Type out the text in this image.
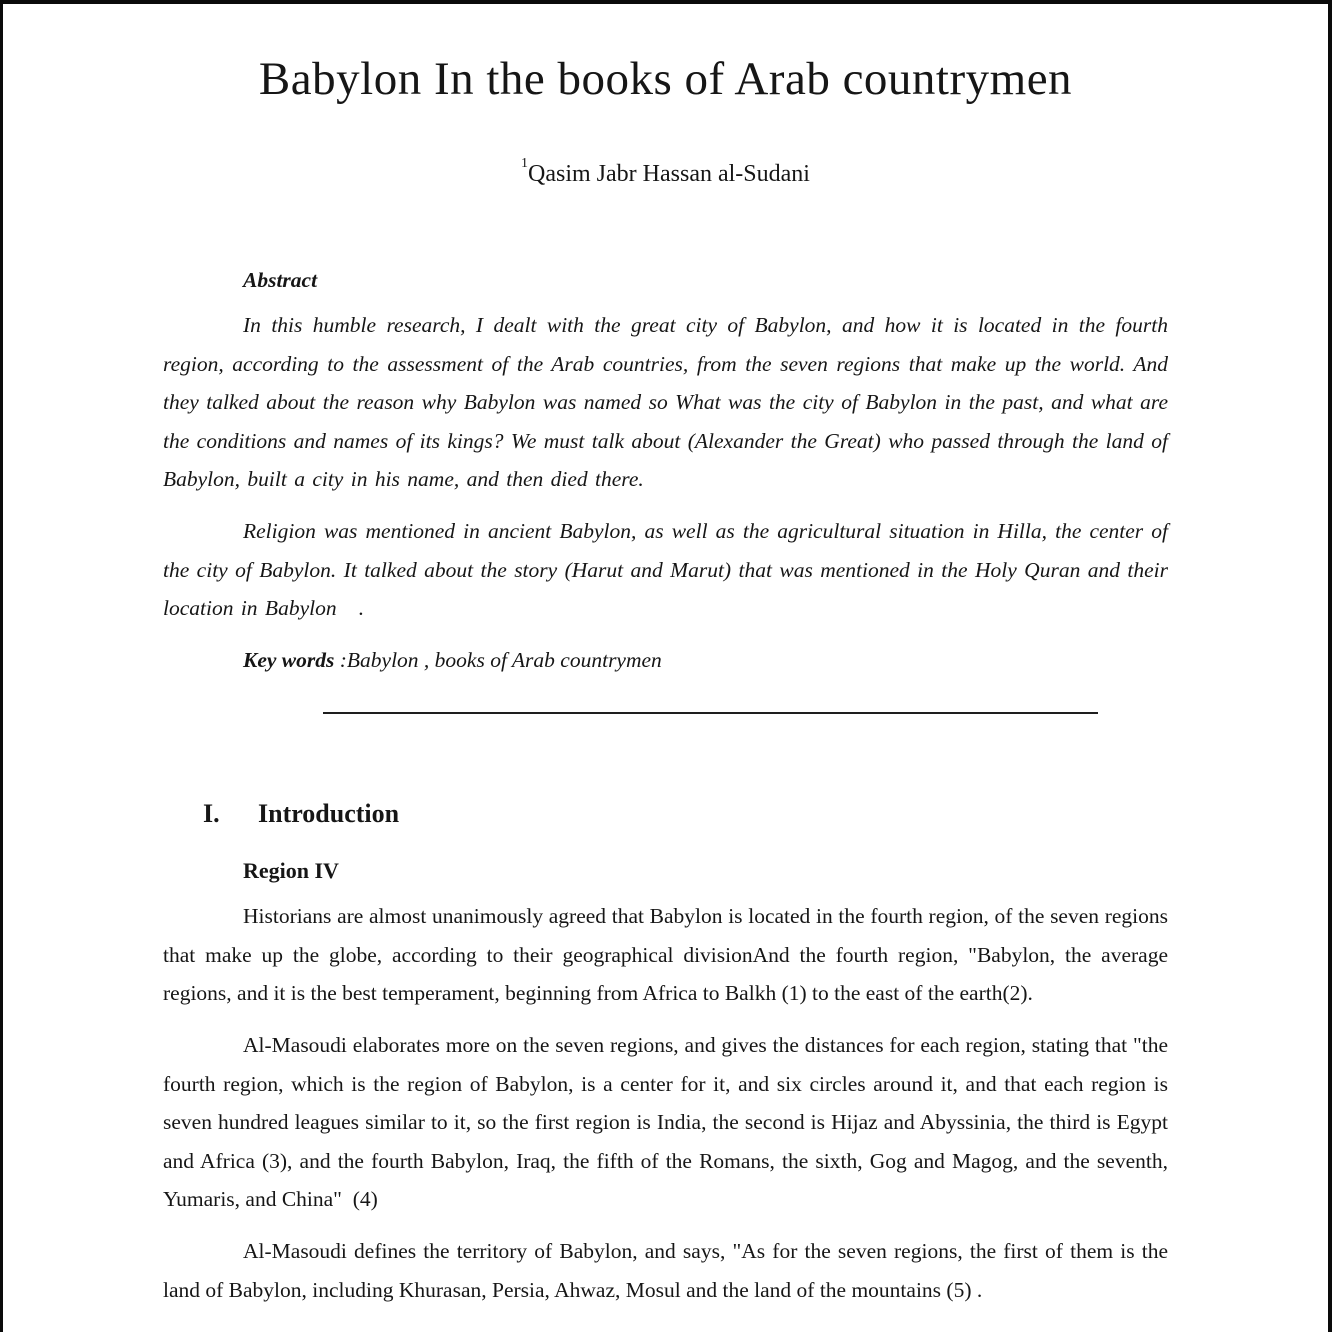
Babylon In the books of Arab countrymen
$^1$Qasim Jabr Hassan al-Sudani
Abstract

In this humble research, I dealt with the great city of Babylon, and how it is located in the fourth region, according to the assessment of the Arab countries, from the seven regions that make up the world. And they talked about the reason why Babylon was named so What was the city of Babylon in the past, and what are the conditions and names of its kings? We must talk about (Alexander the Great) who passed through the land of Babylon, built a city in his name, and then died there.

Religion was mentioned in ancient Babylon, as well as the agricultural situation in Hilla, the center of the city of Babylon. It talked about the story (Harut and Marut) that was mentioned in the Holy Quran and their location in Babylon   .

Key words :Babylon , books of Arab countrymen
I. Introduction
Region IV

Historians are almost unanimously agreed that Babylon is located in the fourth region, of the seven regions that make up the globe, according to their geographical divisionAnd the fourth region, "Babylon, the average regions, and it is the best temperament, beginning from Africa to Balkh (1) to the east of the earth(2).

Al-Masoudi elaborates more on the seven regions, and gives the distances for each region, stating that "the fourth region, which is the region of Babylon, is a center for it, and six circles around it, and that each region is seven hundred leagues similar to it, so the first region is India, the second is Hijaz and Abyssinia, the third is Egypt and Africa (3), and the fourth Babylon, Iraq, the fifth of the Romans, the sixth, Gog and Magog, and the seventh, Yumaris, and China"  (4)

Al-Masoudi defines the territory of Babylon, and says, "As for the seven regions, the first of them is the land of Babylon, including Khurasan, Persia, Ahwaz, Mosul and the land of the mountains (5) .
